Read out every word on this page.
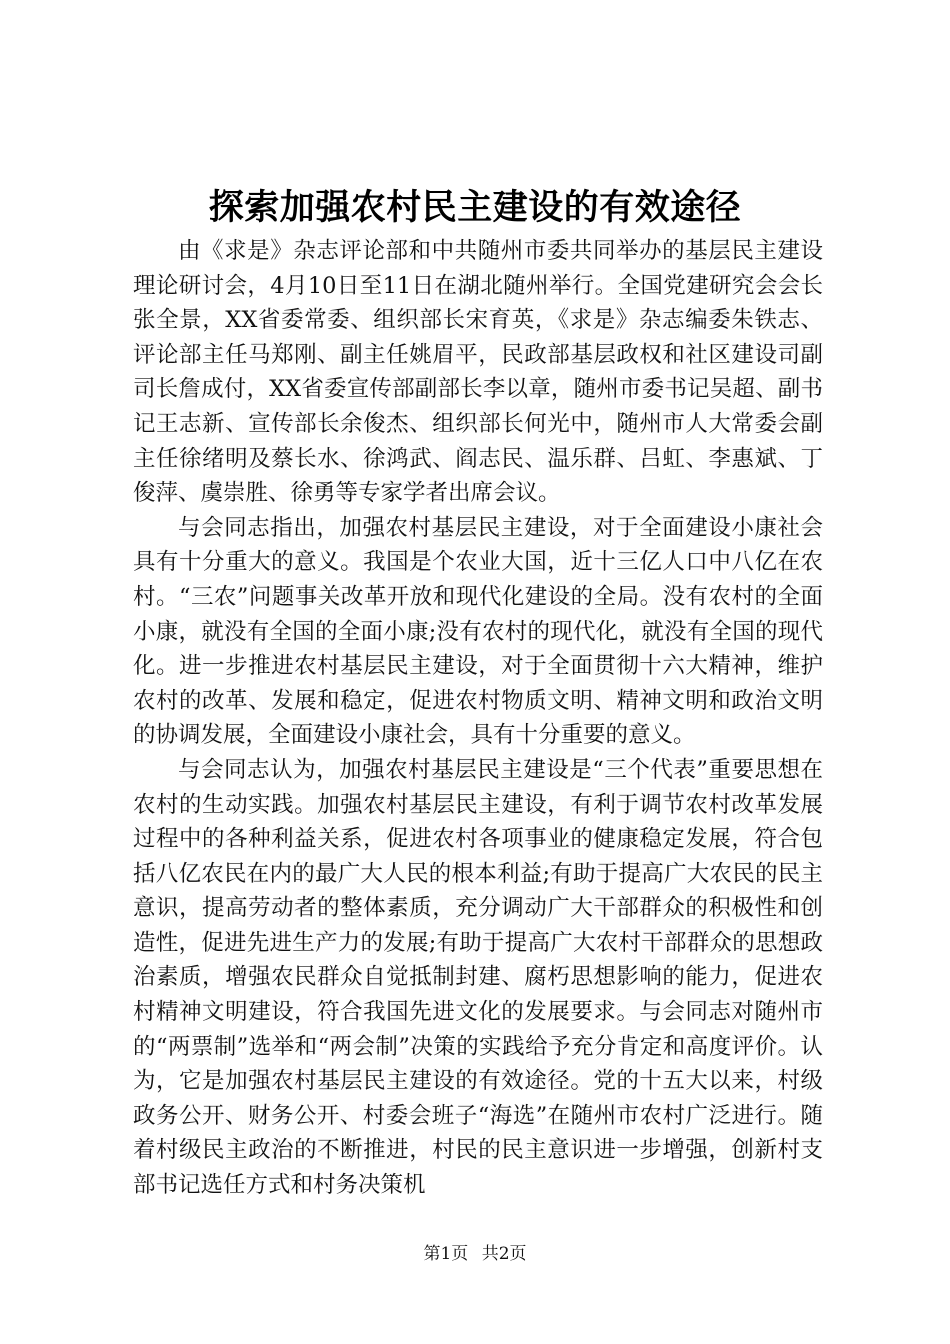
探索加强农村民主建设的有效途径

由《求是》杂志评论部和中共随州市委共同举办的基层民主建设理论研讨会，4月10日至11日在湖北随州举行。全国党建研究会会长张全景，XX省委常委、组织部长宋育英，《求是》杂志编委朱铁志、评论部主任马郑刚、副主任姚眉平，民政部基层政权和社区建设司副司长詹成付，XX省委宣传部副部长李以章，随州市委书记吴超、副书记王志新、宣传部长余俊杰、组织部长何光中，随州市人大常委会副主任徐绪明及蔡长水、徐鸿武、阎志民、温乐群、吕虹、李惠斌、丁俊萍、虞崇胜、徐勇等专家学者出席会议。

与会同志指出，加强农村基层民主建设，对于全面建设小康社会具有十分重大的意义。我国是个农业大国，近十三亿人口中八亿在农村。“三农”问题事关改革开放和现代化建设的全局。没有农村的全面小康，就没有全国的全面小康;没有农村的现代化，就没有全国的现代化。进一步推进农村基层民主建设，对于全面贯彻十六大精神，维护农村的改革、发展和稳定，促进农村物质文明、精神文明和政治文明的协调发展，全面建设小康社会，具有十分重要的意义。

与会同志认为，加强农村基层民主建设是“三个代表”重要思想在农村的生动实践。加强农村基层民主建设，有利于调节农村改革发展过程中的各种利益关系，促进农村各项事业的健康稳定发展，符合包括八亿农民在内的最广大人民的根本利益;有助于提高广大农民的民主意识，提高劳动者的整体素质，充分调动广大干部群众的积极性和创造性，促进先进生产力的发展;有助于提高广大农村干部群众的思想政治素质，增强农民群众自觉抵制封建、腐朽思想影响的能力，促进农村精神文明建设，符合我国先进文化的发展要求。与会同志对随州市的“两票制”选举和“两会制”决策的实践给予充分肯定和高度评价。认为，它是加强农村基层民主建设的有效途径。党的十五大以来，村级政务公开、财务公开、村委会班子“海选”在随州市农村广泛进行。随着村级民主政治的不断推进，村民的民主意识进一步增强，创新村支部书记选任方式和村务决策机

第1页 共2页
